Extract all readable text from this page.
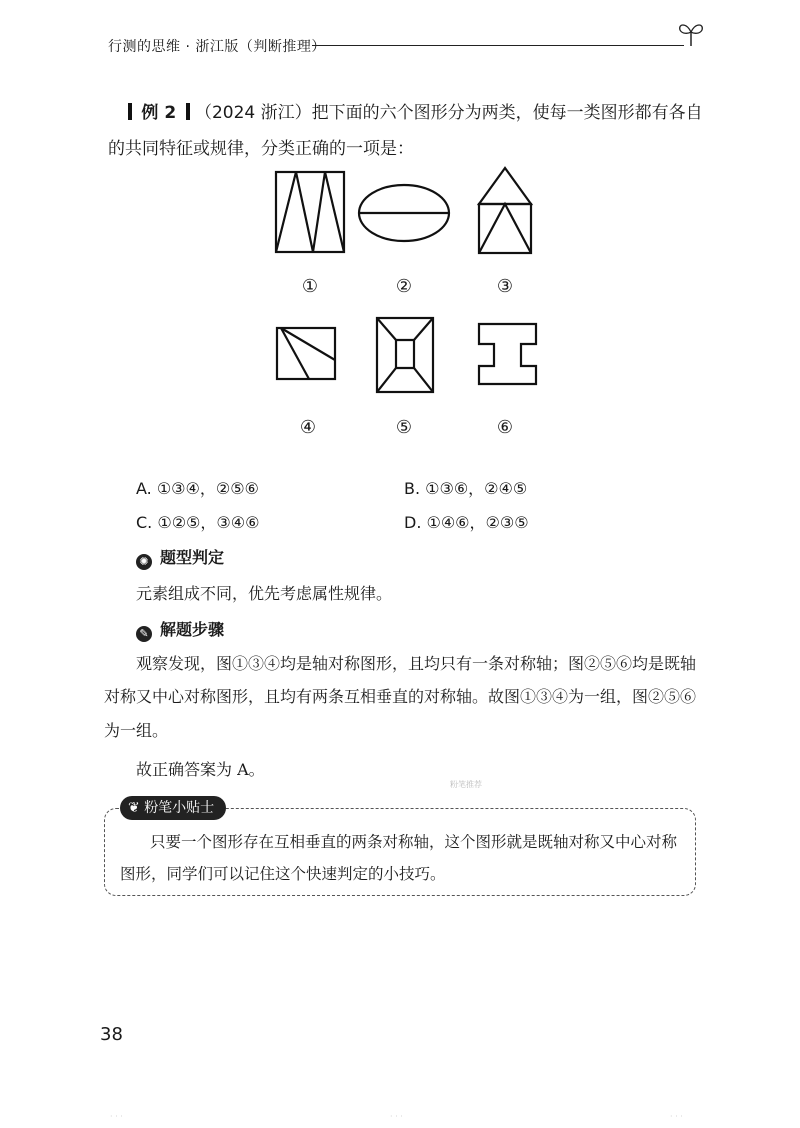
行测的思维 · 浙江版（判断推理）
例 2 （2024 浙江）把下面的六个图形分为两类，使每一类图形都有各自
的共同特征或规律，分类正确的一项是：
①	②	③
④	⑤	⑥
A. ①③④，②⑤⑥	B. ①③⑥，②④⑤
C. ①②⑤，③④⑥	D. ①④⑥，②③⑤
✺ 题型判定
元素组成不同，优先考虑属性规律。
✎ 解题步骤
观察发现，图①③④均是轴对称图形，且均只有一条对称轴；图②⑤⑥均是既轴
对称又中心对称图形，且均有两条互相垂直的对称轴。故图①③④为一组，图②⑤⑥
为一组。
故正确答案为 A。
粉笔推荐
❦ 粉笔小贴士
只要一个图形存在互相垂直的两条对称轴，这个图形就是既轴对称又中心对称
图形，同学们可以记住这个快速判定的小技巧。
38
· · ·	· · ·	· · ·
